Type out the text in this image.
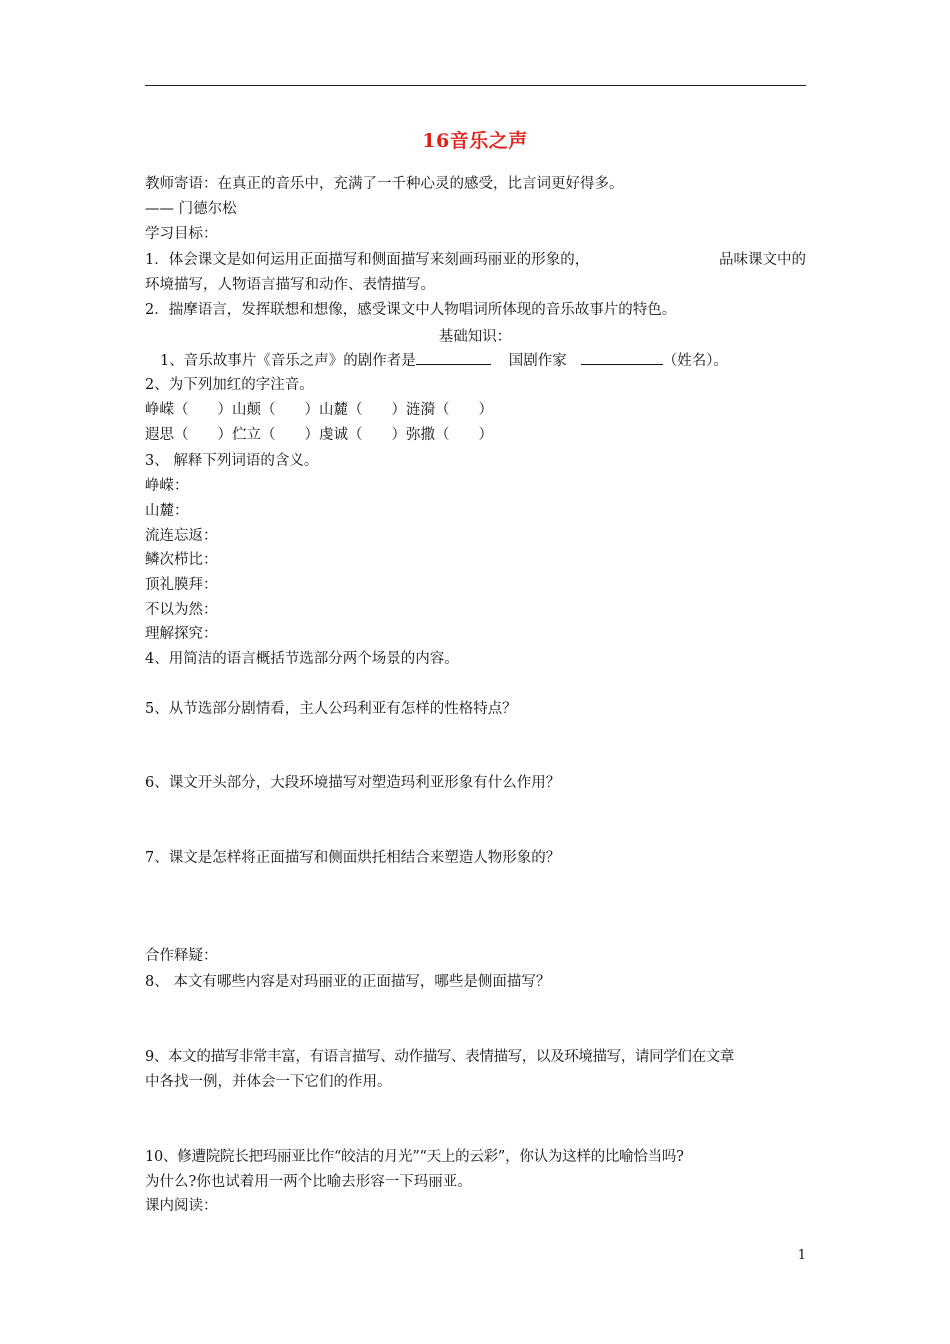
16音乐之声
教师寄语：在真正的音乐中，充满了一千种心灵的感受，比言词更好得多。
—— 门德尔松
学习目标：
1．体会课文是如何运用正面描写和侧面描写来刻画玛丽亚的形象的，	品味课文中的
环境描写，人物语言描写和动作、表情描写。
2．揣摩语言，发挥联想和想像，感受课文中人物唱词所体现的音乐故事片的特色。
基础知识：
1、音乐故事片《音乐之声》的剧作者是	国剧作家	（姓名）。
2、为下列加红的字注音。
峥嵘（　　）山颠（　　）山麓（　　）涟漪（　　）
遐思（　　）伫立（　　）虔诚（　　）弥撒（　　）
3、 解释下列词语的含义。
峥嵘：
山麓：
流连忘返：
鳞次栉比：
顶礼膜拜：
不以为然：
理解探究：
4、用简洁的语言概括节选部分两个场景的内容。
5、从节选部分剧情看，主人公玛利亚有怎样的性格特点？
6、课文开头部分，大段环境描写对塑造玛利亚形象有什么作用？
7、课文是怎样将正面描写和侧面烘托相结合来塑造人物形象的？
合作释疑：
8、 本文有哪些内容是对玛丽亚的正面描写，哪些是侧面描写？
9、本文的描写非常丰富，有语言描写、动作描写、表情描写，以及环境描写，请同学们在文章
中各找一例，并体会一下它们的作用。
10、修遭院院长把玛丽亚比作“皎洁的月光”“天上的云彩”，你认为这样的比喻恰当吗?
为什么?你也试着用一两个比喻去形容一下玛丽亚。
课内阅读：
1
